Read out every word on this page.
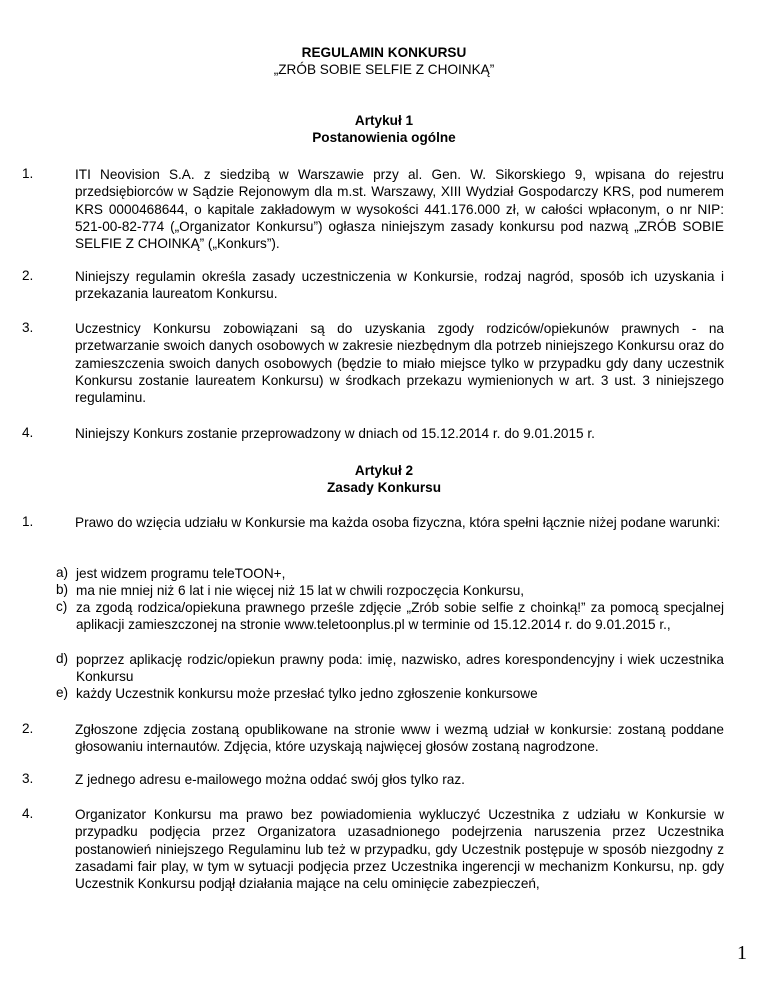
REGULAMIN KONKURSU
„ZRÓB SOBIE SELFIE Z CHOINKĄ”
Artykuł 1
Postanowienia ogólne
1.	ITI Neovision S.A. z siedzibą w Warszawie przy al. Gen. W. Sikorskiego 9, wpisana do rejestru przedsiębiorców w Sądzie Rejonowym dla m.st. Warszawy, XIII Wydział Gospodarczy KRS, pod numerem KRS 0000468644, o kapitale zakładowym w wysokości 441.176.000 zł, w całości wpłaconym, o nr NIP: 521-00-82-774 („Organizator Konkursu”) ogłasza niniejszym zasady konkursu pod nazwą „ZRÓB SOBIE SELFIE Z CHOINKĄ” („Konkurs”).
2.	Niniejszy regulamin określa zasady uczestniczenia w Konkursie, rodzaj nagród, sposób ich uzyskania i przekazania laureatom Konkursu.
3.	Uczestnicy Konkursu zobowiązani są do uzyskania zgody rodziców/opiekunów prawnych - na przetwarzanie swoich danych osobowych w zakresie niezbędnym dla potrzeb niniejszego Konkursu oraz do zamieszczenia swoich danych osobowych (będzie to miało miejsce tylko w przypadku gdy dany uczestnik Konkursu zostanie laureatem Konkursu) w środkach przekazu wymienionych w art. 3 ust. 3 niniejszego regulaminu.
4.	Niniejszy Konkurs zostanie przeprowadzony w dniach od 15.12.2014 r. do 9.01.2015 r.
Artykuł 2
Zasady Konkursu
1.	Prawo do wzięcia udziału w Konkursie ma każda osoba fizyczna, która spełni łącznie niżej podane warunki:
a) jest widzem programu teleTOON+,
b) ma nie mniej niż 6 lat i nie więcej niż 15 lat w chwili rozpoczęcia Konkursu,
c) za zgodą rodzica/opiekuna prawnego prześle zdjęcie „Zrób sobie selfie z choinką!” za pomocą specjalnej aplikacji zamieszczonej na stronie www.teletoonplus.pl w terminie od 15.12.2014 r. do 9.01.2015 r.,
d) poprzez aplikację rodzic/opiekun prawny poda: imię, nazwisko, adres korespondencyjny i wiek uczestnika Konkursu
e) każdy Uczestnik konkursu może przesłać tylko jedno zgłoszenie konkursowe
2.	Zgłoszone zdjęcia zostaną opublikowane na stronie www i wezmą udział w konkursie: zostaną poddane głosowaniu internautów. Zdjęcia, które uzyskają najwięcej głosów zostaną nagrodzone.
3.	Z jednego adresu e-mailowego można oddać swój głos tylko raz.
4.	Organizator Konkursu ma prawo bez powiadomienia wykluczyć Uczestnika z udziału w Konkursie w przypadku podjęcia przez Organizatora uzasadnionego podejrzenia naruszenia przez Uczestnika postanowień niniejszego Regulaminu lub też w przypadku, gdy Uczestnik postępuje w sposób niezgodny z zasadami fair play, w tym w sytuacji podjęcia przez Uczestnika ingerencji w mechanizm Konkursu, np. gdy Uczestnik Konkursu podjął działania mające na celu ominięcie zabezpieczeń,
1
